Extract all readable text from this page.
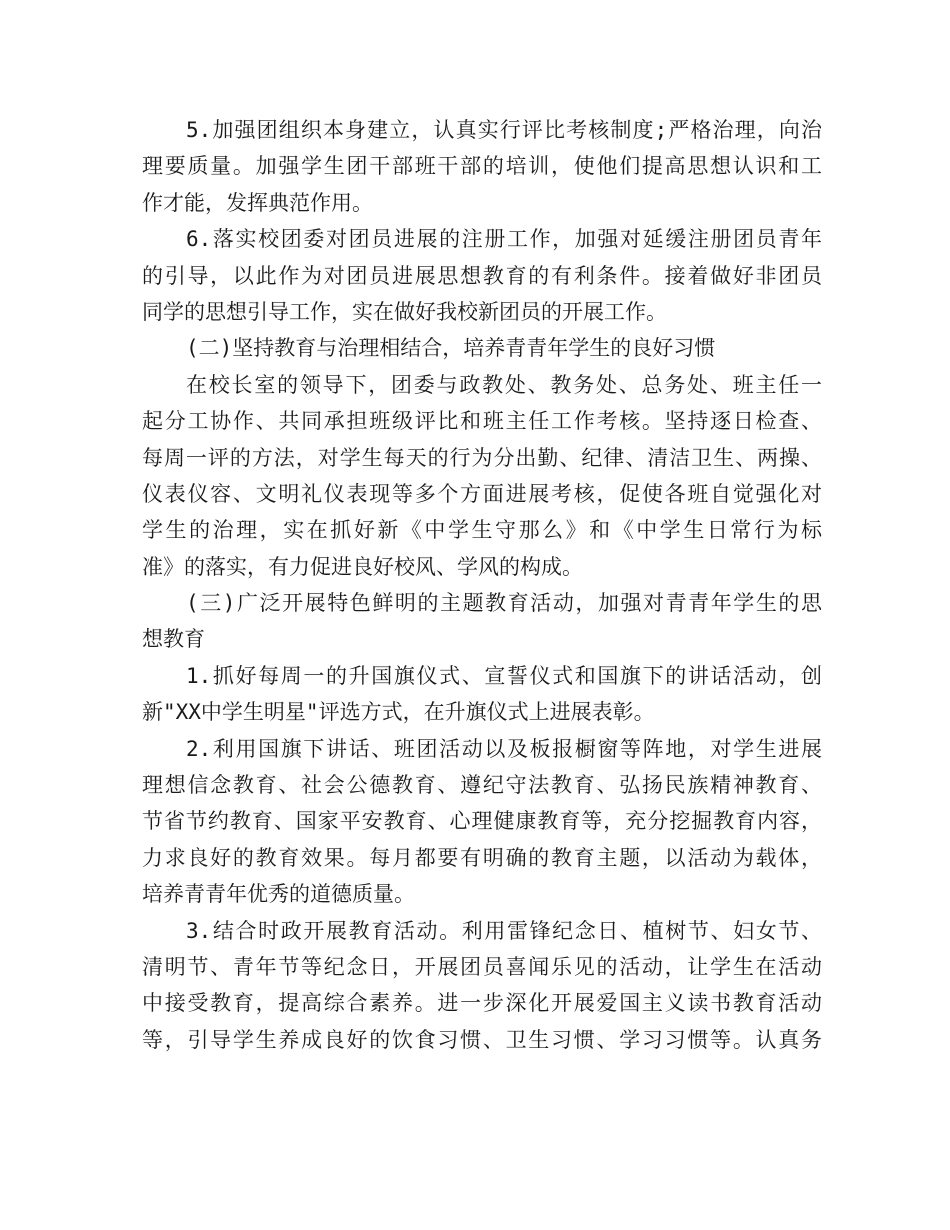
5.加强团组织本身建立，认真实行评比考核制度;严格治理，向治
理要质量。加强学生团干部班干部的培训，使他们提高思想认识和工
作才能，发挥典范作用。
6.落实校团委对团员进展的注册工作，加强对延缓注册团员青年
的引导，以此作为对团员进展思想教育的有利条件。接着做好非团员
同学的思想引导工作，实在做好我校新团员的开展工作。
(二)坚持教育与治理相结合，培养青青年学生的良好习惯
在校长室的领导下，团委与政教处、教务处、总务处、班主任一
起分工协作、共同承担班级评比和班主任工作考核。坚持逐日检查、
每周一评的方法，对学生每天的行为分出勤、纪律、清洁卫生、两操、
仪表仪容、文明礼仪表现等多个方面进展考核，促使各班自觉强化对
学生的治理，实在抓好新《中学生守那么》和《中学生日常行为标
准》的落实，有力促进良好校风、学风的构成。
(三)广泛开展特色鲜明的主题教育活动，加强对青青年学生的思
想教育
1.抓好每周一的升国旗仪式、宣誓仪式和国旗下的讲话活动，创
新"XX中学生明星"评选方式，在升旗仪式上进展表彰。
2.利用国旗下讲话、班团活动以及板报橱窗等阵地，对学生进展
理想信念教育、社会公德教育、遵纪守法教育、弘扬民族精神教育、
节省节约教育、国家平安教育、心理健康教育等，充分挖掘教育内容，
力求良好的教育效果。每月都要有明确的教育主题，以活动为载体，
培养青青年优秀的道德质量。
3.结合时政开展教育活动。利用雷锋纪念日、植树节、妇女节、
清明节、青年节等纪念日，开展团员喜闻乐见的活动，让学生在活动
中接受教育，提高综合素养。进一步深化开展爱国主义读书教育活动
等，引导学生养成良好的饮食习惯、卫生习惯、学习习惯等。认真务
